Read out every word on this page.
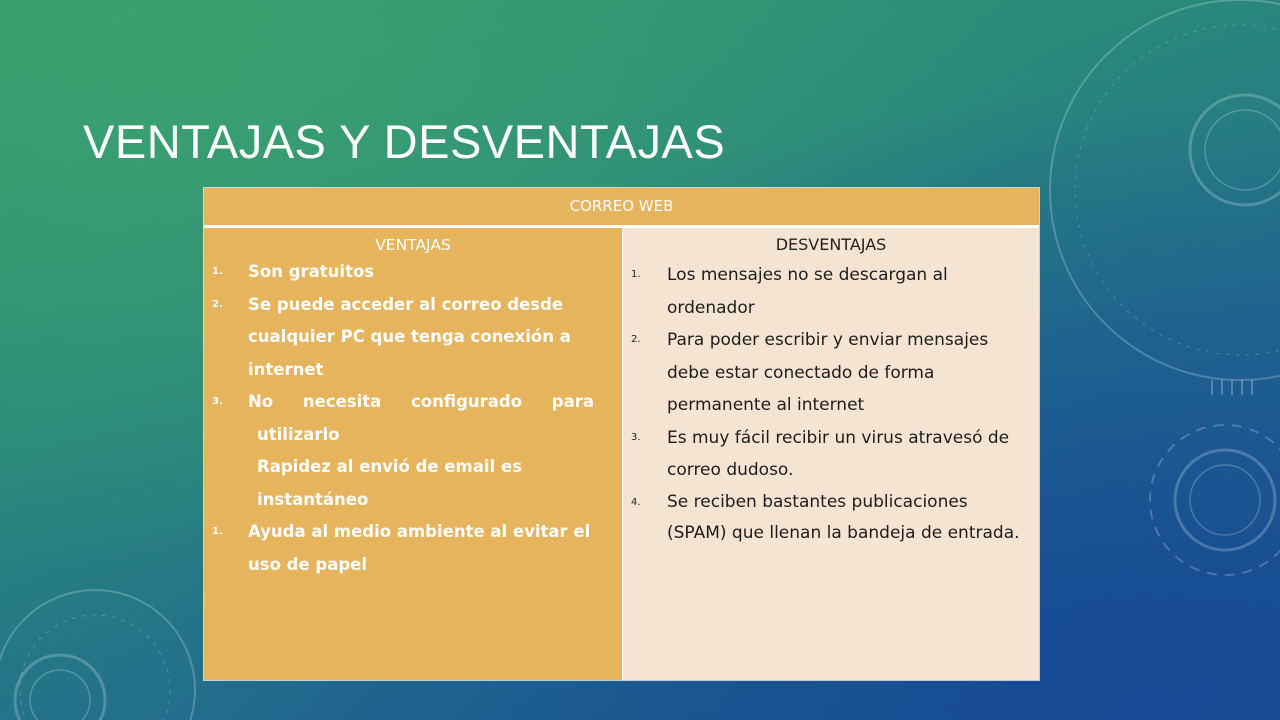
VENTAJAS Y DESVENTAJAS
CORREO WEB
VENTAJAS
1.	Son gratuitos
2.	Se puede acceder al correo desde cualquier PC que tenga conexión a internet
3.	No necesita configurado para
utilizarlo
Rapidez al envió de email es
instantáneo
1.	Ayuda al medio ambiente al evitar el uso de papel
DESVENTAJAS
1.	Los mensajes no se descargan al ordenador
2.	Para poder escribir y enviar mensajes debe estar conectado de forma permanente al internet
3.	Es muy fácil recibir un virus atravesó de correo dudoso.
4.	Se reciben bastantes publicaciones (SPAM) que llenan la bandeja de entrada.
